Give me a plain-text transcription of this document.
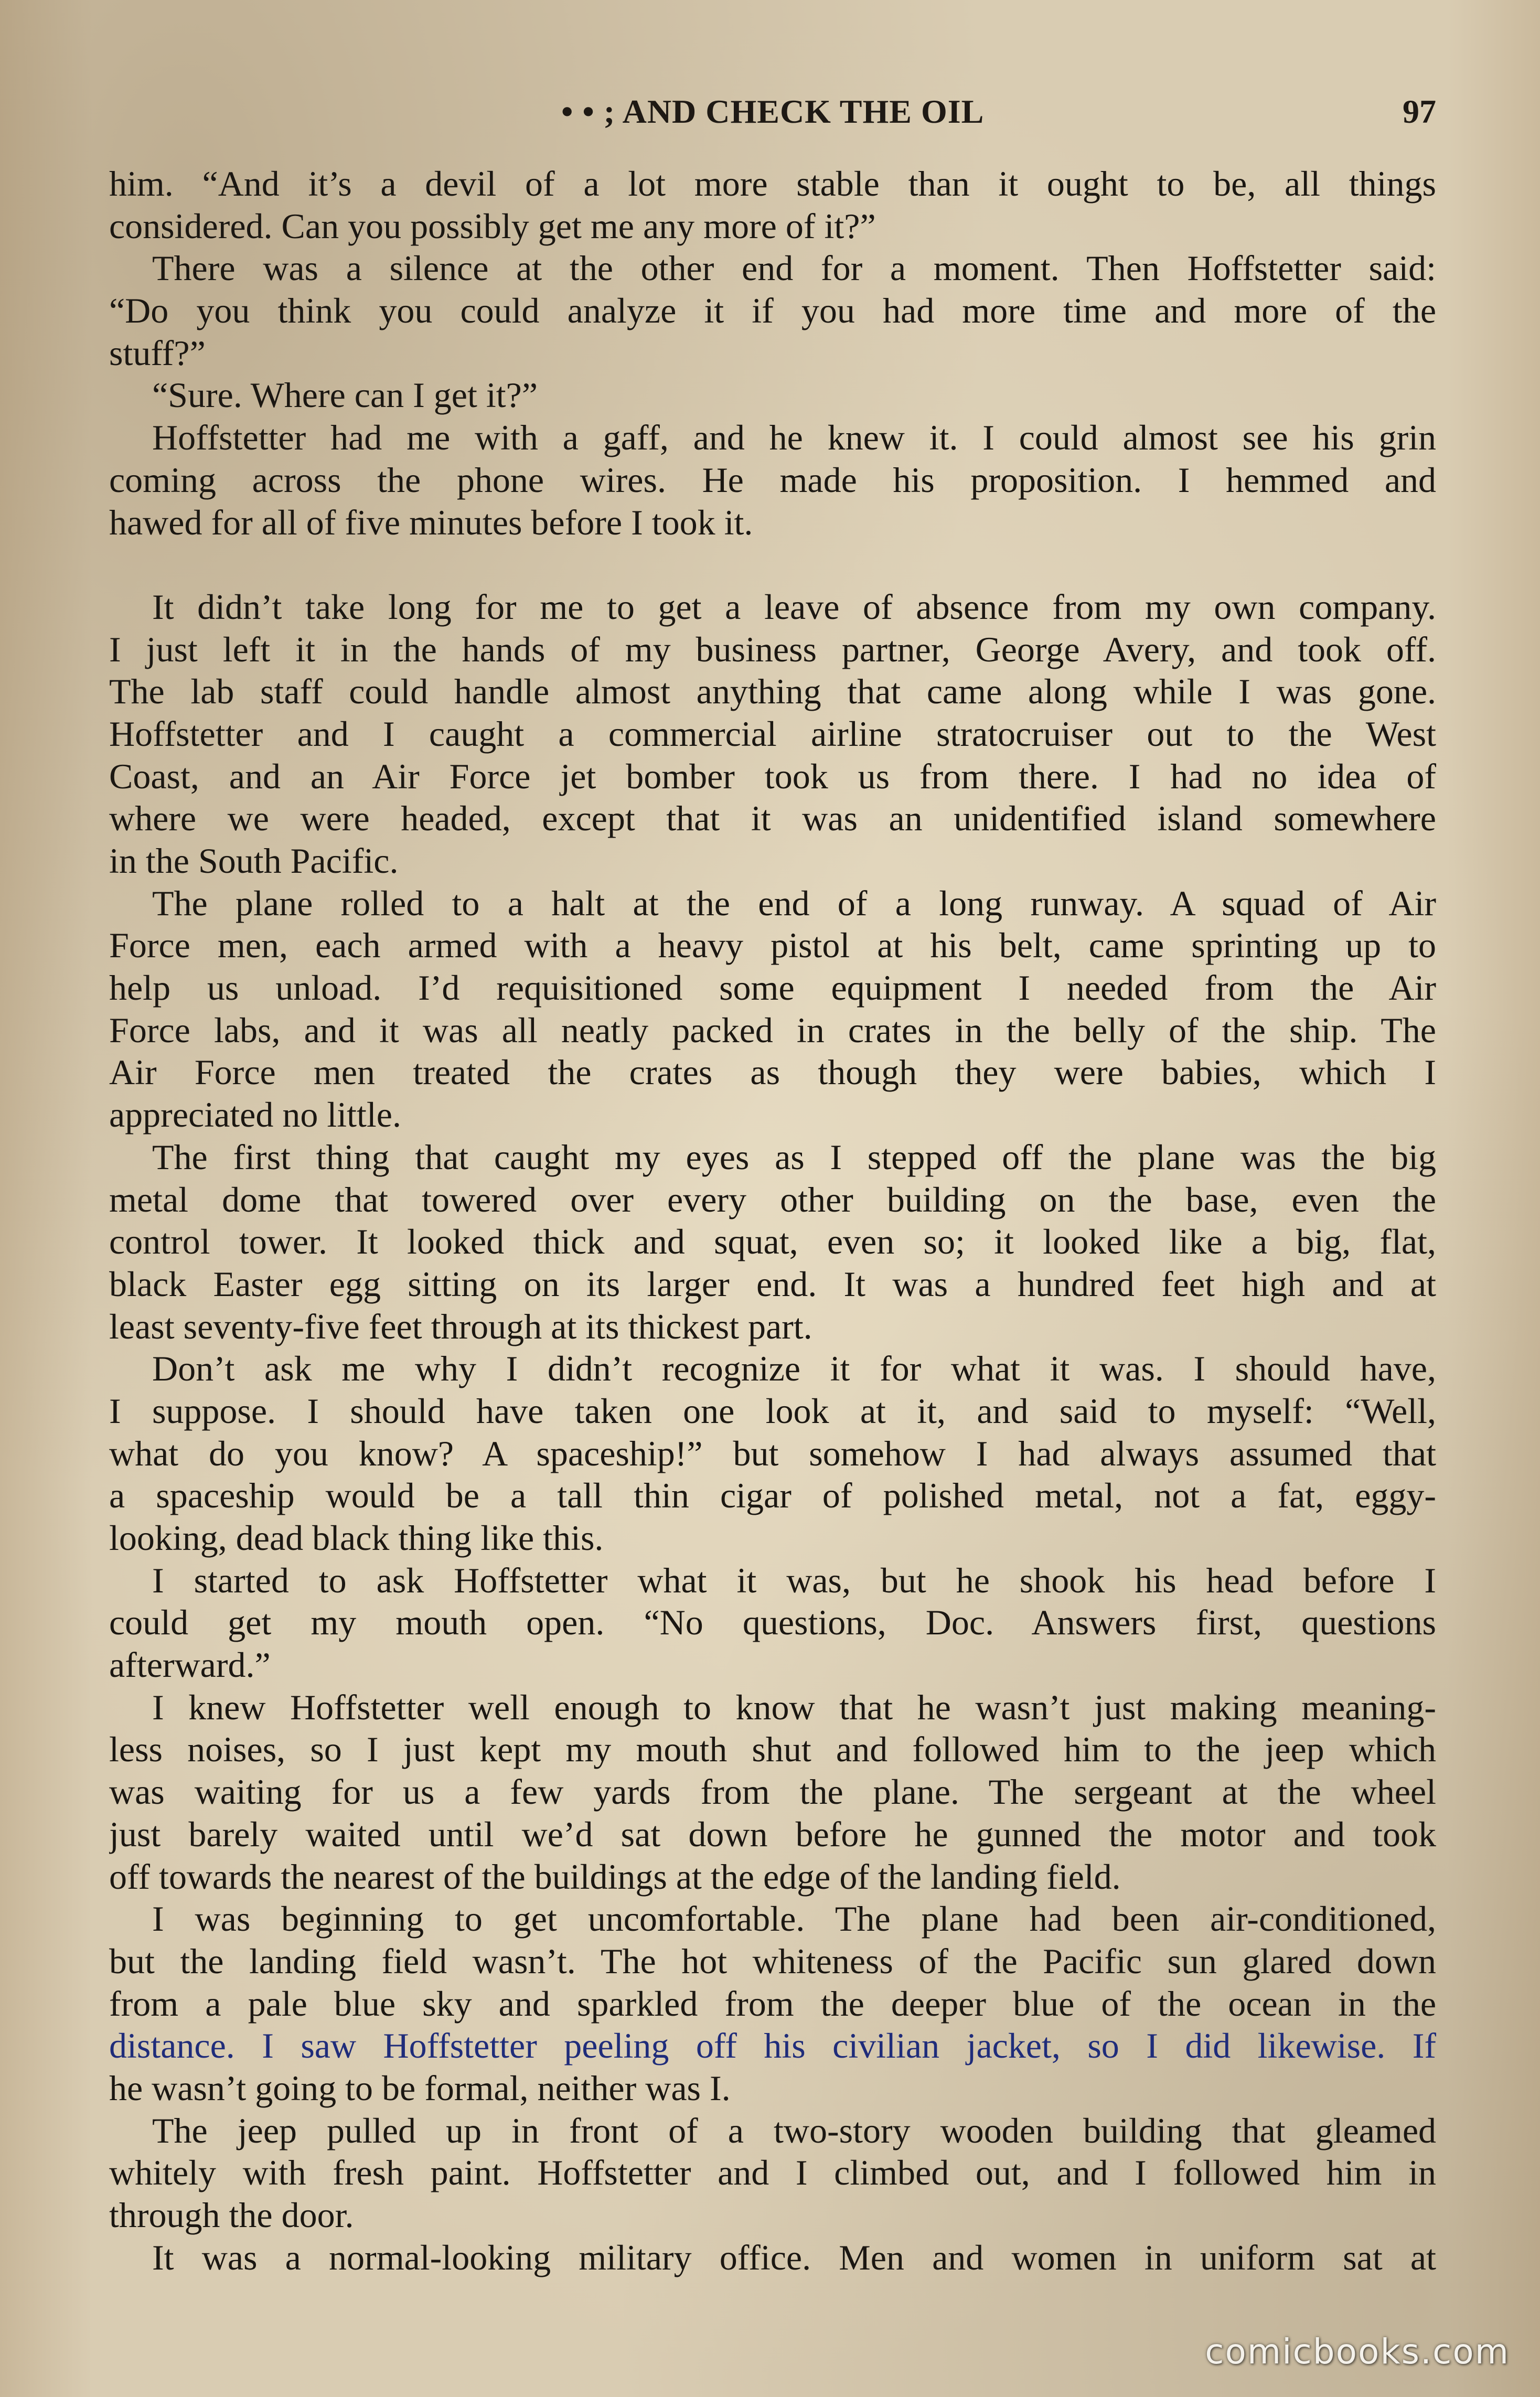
• • ; AND CHECK THE OIL	97
him. “And it’s a devil of a lot more stable than it ought to be, all things
considered. Can you possibly get me any more of it?”
There was a silence at the other end for a moment. Then Hoffstetter said:
“Do you think you could analyze it if you had more time and more of the
stuff?”
“Sure. Where can I get it?”
Hoffstetter had me with a gaff, and he knew it. I could almost see his grin
coming across the phone wires. He made his proposition. I hemmed and
hawed for all of five minutes before I took it.
It didn’t take long for me to get a leave of absence from my own company.
I just left it in the hands of my business partner, George Avery, and took off.
The lab staff could handle almost anything that came along while I was gone.
Hoffstetter and I caught a commercial airline stratocruiser out to the West
Coast, and an Air Force jet bomber took us from there. I had no idea of
where we were headed, except that it was an unidentified island somewhere
in the South Pacific.
The plane rolled to a halt at the end of a long runway. A squad of Air
Force men, each armed with a heavy pistol at his belt, came sprinting up to
help us unload. I’d requisitioned some equipment I needed from the Air
Force labs, and it was all neatly packed in crates in the belly of the ship. The
Air Force men treated the crates as though they were babies, which I
appreciated no little.
The first thing that caught my eyes as I stepped off the plane was the big
metal dome that towered over every other building on the base, even the
control tower. It looked thick and squat, even so; it looked like a big, flat,
black Easter egg sitting on its larger end. It was a hundred feet high and at
least seventy-five feet through at its thickest part.
Don’t ask me why I didn’t recognize it for what it was. I should have,
I suppose. I should have taken one look at it, and said to myself: “Well,
what do you know? A spaceship!” but somehow I had always assumed that
a spaceship would be a tall thin cigar of polished metal, not a fat, eggy-
looking, dead black thing like this.
I started to ask Hoffstetter what it was, but he shook his head before I
could get my mouth open. “No questions, Doc. Answers first, questions
afterward.”
I knew Hoffstetter well enough to know that he wasn’t just making meaning-
less noises, so I just kept my mouth shut and followed him to the jeep which
was waiting for us a few yards from the plane. The sergeant at the wheel
just barely waited until we’d sat down before he gunned the motor and took
off towards the nearest of the buildings at the edge of the landing field.
I was beginning to get uncomfortable. The plane had been air-conditioned,
but the landing field wasn’t. The hot whiteness of the Pacific sun glared down
from a pale blue sky and sparkled from the deeper blue of the ocean in the
distance. I saw Hoffstetter peeling off his civilian jacket, so I did likewise. If
he wasn’t going to be formal, neither was I.
The jeep pulled up in front of a two-story wooden building that gleamed
whitely with fresh paint. Hoffstetter and I climbed out, and I followed him in
through the door.
It was a normal-looking military office. Men and women in uniform sat at
comicbooks.com
